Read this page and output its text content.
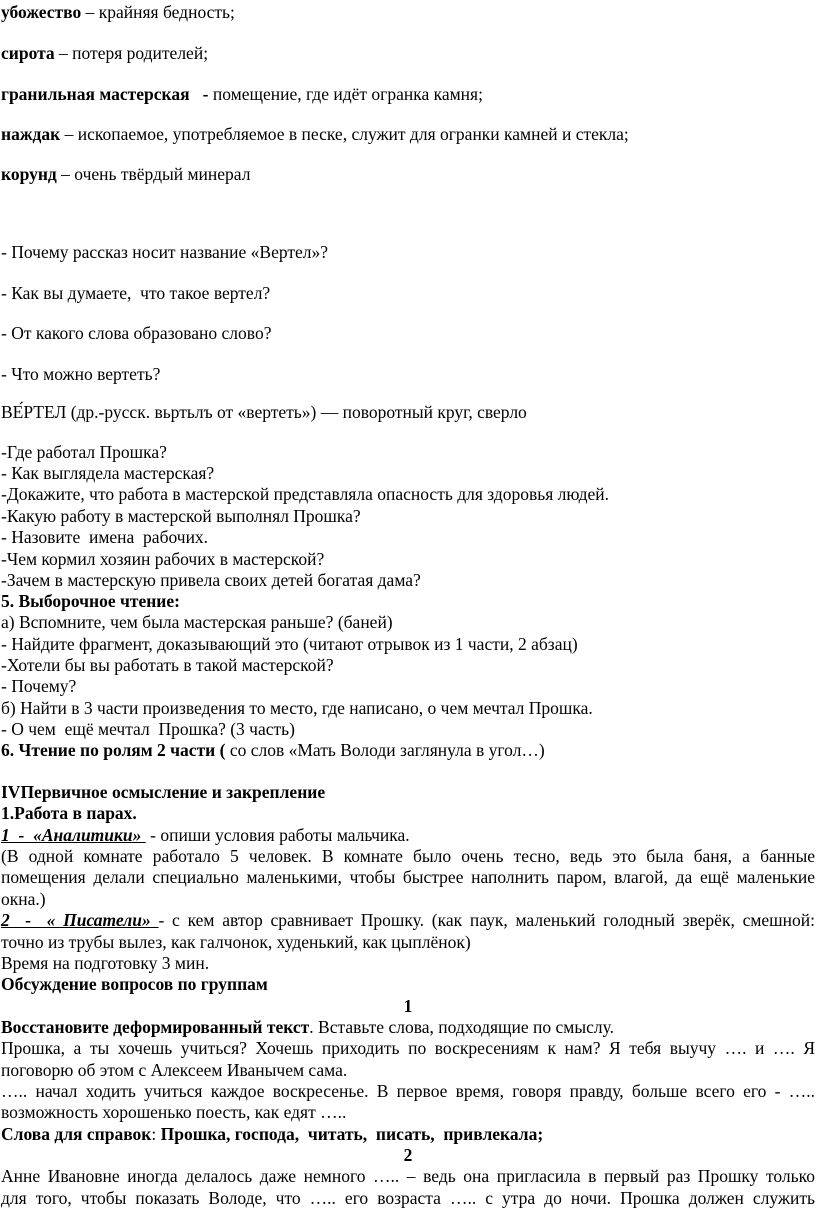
убожество – крайняя бедность;
сирота – потеря родителей;
гранильная мастерская   - помещение, где идёт огранка камня;
наждак – ископаемое, употребляемое в песке, служит для огранки камней и стекла;
корунд – очень твёрдый минерал
- Почему рассказ носит название «Вертел»?
- Как вы думаете,  что такое вертел?
- От какого слова образовано слово?
- Что можно вертеть?
ВЕ́РТЕЛ (др.-русск. вьртьлъ от «вертеть») — поворотный круг, сверло
-Где работал Прошка?
- Как выглядела мастерская?
-Докажите, что работа в мастерской представляла опасность для здоровья людей.
-Какую работу в мастерской выполнял Прошка?
- Назовите  имена  рабочих.
-Чем кормил хозяин рабочих в мастерской?
-Зачем в мастерскую привела своих детей богатая дама?
5. Выборочное чтение:
а) Вспомните, чем была мастерская раньше? (баней)
- Найдите фрагмент, доказывающий это (читают отрывок из 1 части, 2 абзац)
-Хотели бы вы работать в такой мастерской?
- Почему?
б) Найти в 3 части произведения то место, где написано, о чем мечтал Прошка.
- О чем  ещё мечтал  Прошка? (3 часть)
6. Чтение по ролям 2 части ( со слов «Мать Володи заглянула в угол…)
IVПервичное осмысление и закрепление
1.Работа в парах.
1  -  «Аналитики»  - опиши условия работы мальчика.
(В одной комнате работало 5 человек. В комнате было очень тесно, ведь это была баня, а банные
помещения делали специально маленькими, чтобы быстрее наполнить паром, влагой, да ещё маленькие
окна.)
2  -  « Писатели» - с кем автор сравнивает Прошку. (как паук, маленький голодный зверёк, смешной:
точно из трубы вылез, как галчонок, худенький, как цыплёнок)
Время на подготовку 3 мин.
Обсуждение вопросов по группам
1
Восстановите деформированный текст. Вставьте слова, подходящие по смыслу.
Прошка, а ты хочешь учиться? Хочешь приходить по воскресениям к нам? Я тебя выучу …. и …. Я
поговорю об этом с Алексеем Иванычем сама.
….. начал ходить учиться каждое воскресенье. В первое время, говоря правду, больше всего его - …..
возможность хорошенько поесть, как едят …..
Слова для справок: Прошка, господа,  читать,  писать,  привлекала;
2
Анне Ивановне иногда делалось даже немного ….. – ведь она пригласила в первый раз Прошку только
для того, чтобы показать Володе, что ….. его возраста ….. с утра до ночи. Прошка должен служить
